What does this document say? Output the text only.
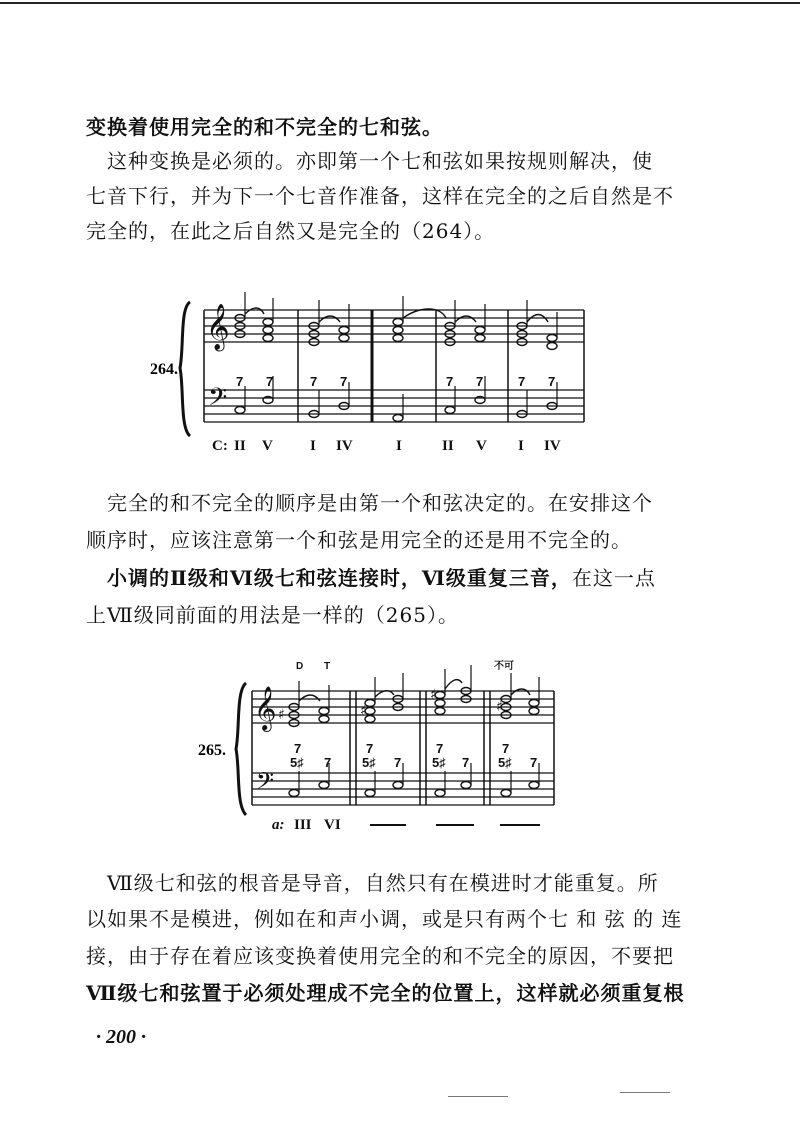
变换着使用完全的和不完全的七和弦。
　这种变换是必须的。亦即第一个七和弦如果按规则解决，使
七音下行，并为下一个七音作准备，这样在完全的之后自然是不
完全的，在此之后自然又是完全的（264）。
𝄞
𝄢
7 7	7 7	7 7	7 7
264.
C: II V I IV	I	II V I IV
　完全的和不完全的顺序是由第一个和弦决定的。在安排这个
顺序时，应该注意第一个和弦是用完全的还是用不完全的。
　小调的Ⅱ级和Ⅵ级七和弦连接时，Ⅵ级重复三音，在这一点
上Ⅶ级同前面的用法是一样的（265）。
D T	不可
𝄞
𝄢
♯	♯
♯
♯
7
5♯ 7
7
5♯ 7
7
5♯ 7
7
5♯ 7
265.
a: III VI
　Ⅶ级七和弦的根音是导音，自然只有在模进时才能重复。所
以如果不是模进，例如在和声小调，或是只有两个七 和 弦 的 连
接，由于存在着应该变换着使用完全的和不完全的原因，不要把
Ⅶ级七和弦置于必须处理成不完全的位置上，这样就必须重复根
· 200 ·
